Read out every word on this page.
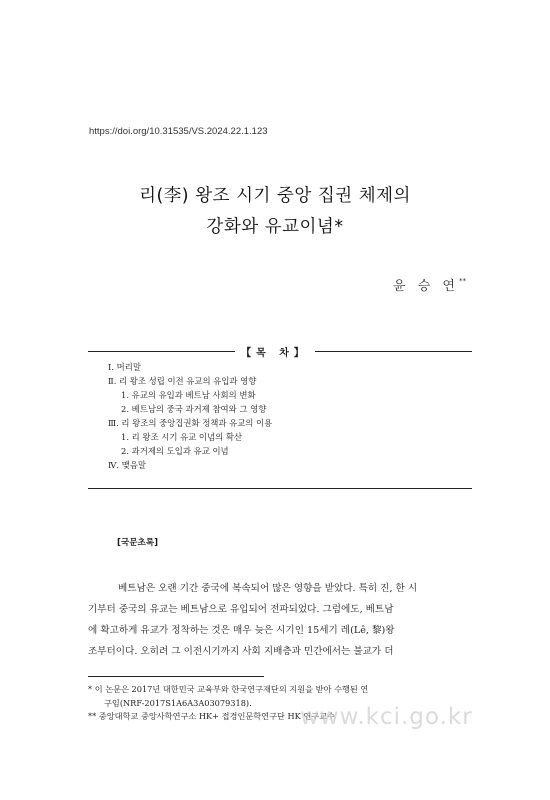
https://doi.org/10.31535/VS.2024.22.1.123
리(李) 왕조 시기 중앙 집권 체제의
강화와 유교이념*
윤 승 연**
【목 차】
Ⅰ. 머리말
Ⅱ. 리 왕조 성립 이전 유교의 유입과 영향
1. 유교의 유입과 베트남 사회의 변화
2. 베트남의 중국 과거제 참여와 그 영향
Ⅲ. 리 왕조의 중앙집권화 정책과 유교의 이용
1. 리 왕조 시기 유교 이념의 확산
2. 과거제의 도입과 유교 이념
Ⅳ. 맺음말
[국문초록]
베트남은 오랜 기간 중국에 복속되어 많은 영향을 받았다. 특히 진, 한 시
기부터 중국의 유교는 베트남으로 유입되어 전파되었다. 그럼에도, 베트남
에 확고하게 유교가 정착하는 것은 매우 늦은 시기인 15세기 레(Lê, 黎)왕
조부터이다. 오히려 그 이전시기까지 사회 지배층과 민간에서는 불교가 더
* 이 논문은 2017년 대한민국 교육부와 한국연구재단의 지원을 받아 수행된 연
구임(NRF-2017S1A6A3A03079318).
** 중앙대학교 중앙사학연구소 HK+ 접경인문학연구단 HK 연구교수
www.kci.go.kr
